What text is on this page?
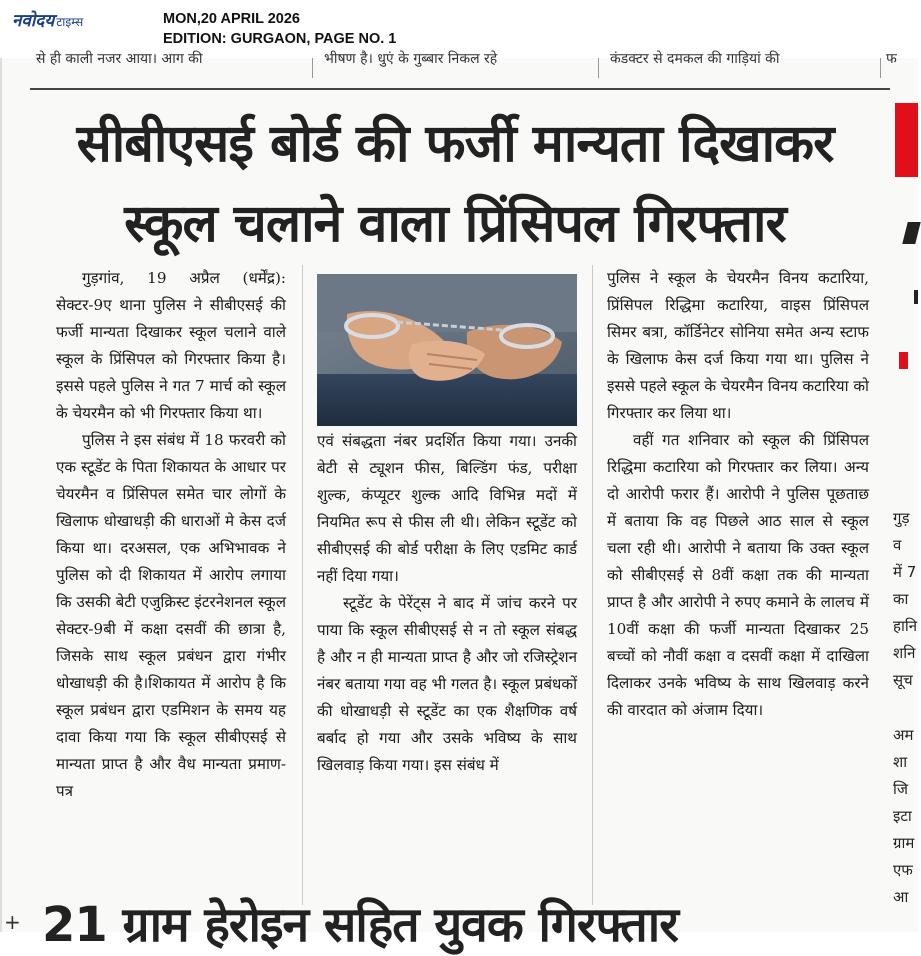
नवोदय टाइम्स	MON,20 APRIL 2026
EDITION: GURGAON, PAGE NO. 1
से ही काली नजर आया। आग की	भीषण है। धुएं के गुब्बार निकल रहे	कंडक्टर से दमकल की गाड़ियां की	फ
सीबीएसई बोर्ड की फर्जी मान्यता दिखाकर
स्कूल चलाने वाला प्रिंसिपल गिरफ्तार

गुड़गांव, 19 अप्रैल (धर्मेंद्र): सेक्टर-9ए थाना पुलिस ने सीबीएसई की फर्जी मान्यता दिखाकर स्कूल चलाने वाले स्कूल के प्रिंसिपल को गिरफ्तार किया है। इससे पहले पुलिस ने गत 7 मार्च को स्कूल के चेयरमैन को भी गिरफ्तार किया था।

पुलिस ने इस संबंध में 18 फरवरी को एक स्टूडेंट के पिता शिकायत के आधार पर चेयरमैन व प्रिंसिपल समेत चार लोगों के खिलाफ धोखाधड़ी की धाराओं मे केस दर्ज किया था। दरअसल, एक अभिभावक ने पुलिस को दी शिकायत में आरोप लगाया कि उसकी बेटी एजुक्रिस्ट इंटरनेशनल स्कूल सेक्टर-9बी में कक्षा दसवीं की छात्रा है, जिसके साथ स्कूल प्रबंधन द्वारा गंभीर धोखाधड़ी की है।शिकायत में आरोप है कि स्कूल प्रबंधन द्वारा एडमिशन के समय यह दावा किया गया कि स्कूल सीबीएसई से मान्यता प्राप्त है और वैध मान्यता प्रमाण-पत्र

एवं संबद्धता नंबर प्रदर्शित किया गया। उनकी बेटी से ट्यूशन फीस, बिल्डिंग फंड, परीक्षा शुल्क, कंप्यूटर शुल्क आदि विभिन्न मदों में नियमित रूप से फीस ली थी। लेकिन स्टूडेंट को सीबीएसई की बोर्ड परीक्षा के लिए एडमिट कार्ड नहीं दिया गया।

स्टूडेंट के पेरेंट्स ने बाद में जांच करने पर पाया कि स्कूल सीबीएसई से न तो स्कूल संबद्ध है और न ही मान्यता प्राप्त है और जो रजिस्ट्रेशन नंबर बताया गया वह भी गलत है। स्कूल प्रबंधकों की धोखाधड़ी से स्टूडेंट का एक शैक्षणिक वर्ष बर्बाद हो गया और उसके भविष्य के साथ खिलवाड़ किया गया। इस संबंध में

पुलिस ने स्कूल के चेयरमैन विनय कटारिया, प्रिंसिपल रिद्धिमा कटारिया, वाइस प्रिंसिपल सिमर बत्रा, कॉर्डिनेटर सोनिया समेत अन्य स्टाफ के खिलाफ केस दर्ज किया गया था। पुलिस ने इससे पहले स्कूल के चेयरमैन विनय कटारिया को गिरफ्तार कर लिया था।

वहीं गत शनिवार को स्कूल की प्रिंसिपल रिद्धिमा कटारिया को गिरफ्तार कर लिया। अन्य दो आरोपी फरार हैं। आरोपी ने पुलिस पूछताछ में बताया कि वह पिछले आठ साल से स्कूल चला रही थी। आरोपी ने बताया कि उक्त स्कूल को सीबीएसई से 8वीं कक्षा तक की मान्यता प्राप्त है और आरोपी ने रुपए कमाने के लालच में 10वीं कक्षा की फर्जी मान्यता दिखाकर 25 बच्चों को नौवीं कक्षा व दसवीं कक्षा में दाखिला दिलाकर उनके भविष्य के साथ खिलवाड़ करने की वारदात को अंजाम दिया।

गुड़
व
में 7
का
हानि
शनि
सूच
अम
शा
जि
इटा
ग्राम
एफ
आ
+ 21 ग्राम हेरोइन सहित युवक गिरफ्तार
